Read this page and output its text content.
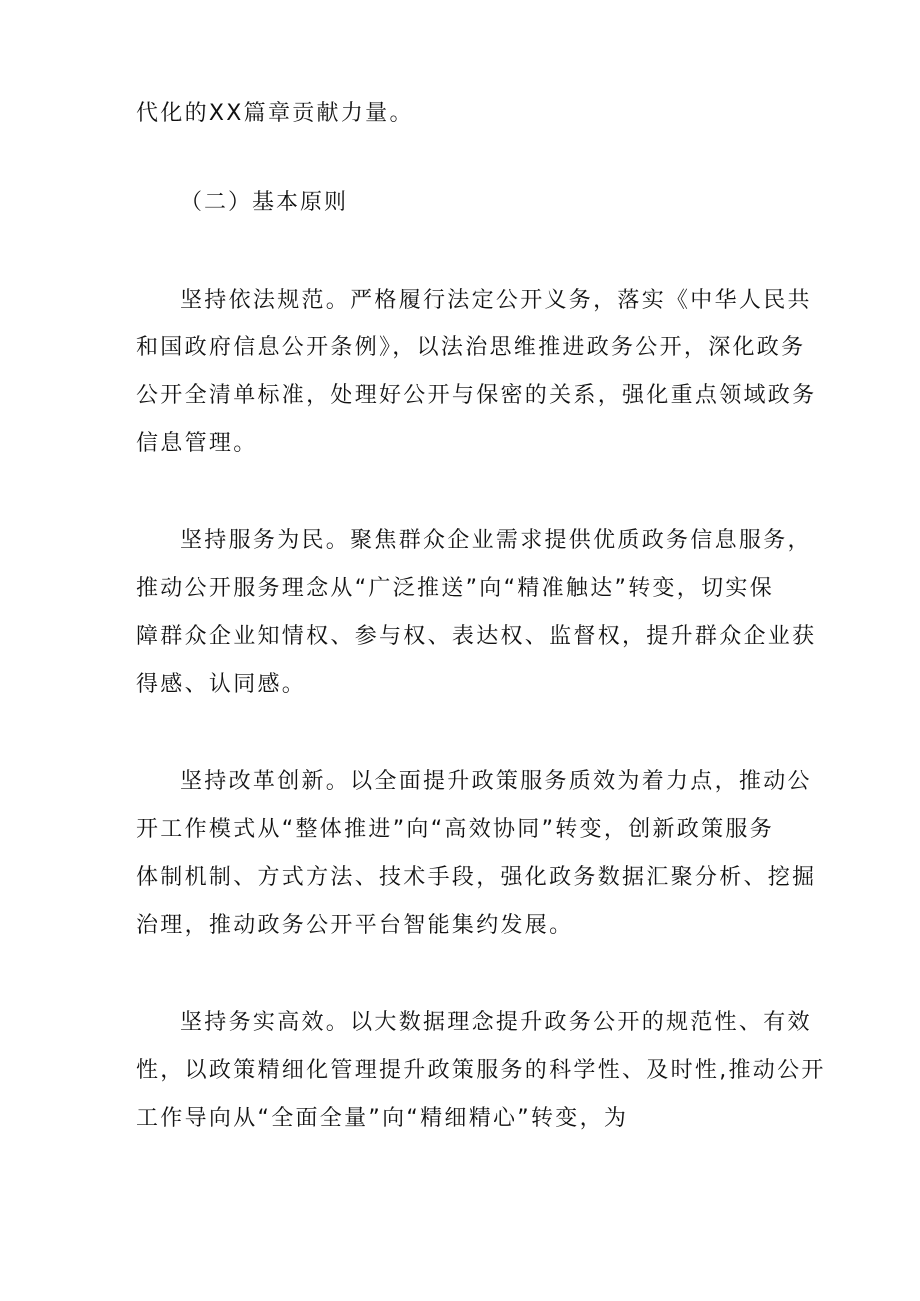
代化的XX篇章贡献力量。
（二）基本原则
坚持依法规范。严格履行法定公开义务，落实《中华人民共
和国政府信息公开条例》，以法治思维推进政务公开，深化政务
公开全清单标准，处理好公开与保密的关系，强化重点领域政务
信息管理。
坚持服务为民。聚焦群众企业需求提供优质政务信息服务，
推动公开服务理念从“广泛推送”向“精准触达”转变，切实保
障群众企业知情权、参与权、表达权、监督权，提升群众企业获
得感、认同感。
坚持改革创新。以全面提升政策服务质效为着力点，推动公
开工作模式从“整体推进”向“高效协同”转变，创新政策服务
体制机制、方式方法、技术手段，强化政务数据汇聚分析、挖掘
治理，推动政务公开平台智能集约发展。
坚持务实高效。以大数据理念提升政务公开的规范性、有效
性，以政策精细化管理提升政策服务的科学性、及时性,推动公开
工作导向从“全面全量”向“精细精心”转变，为
